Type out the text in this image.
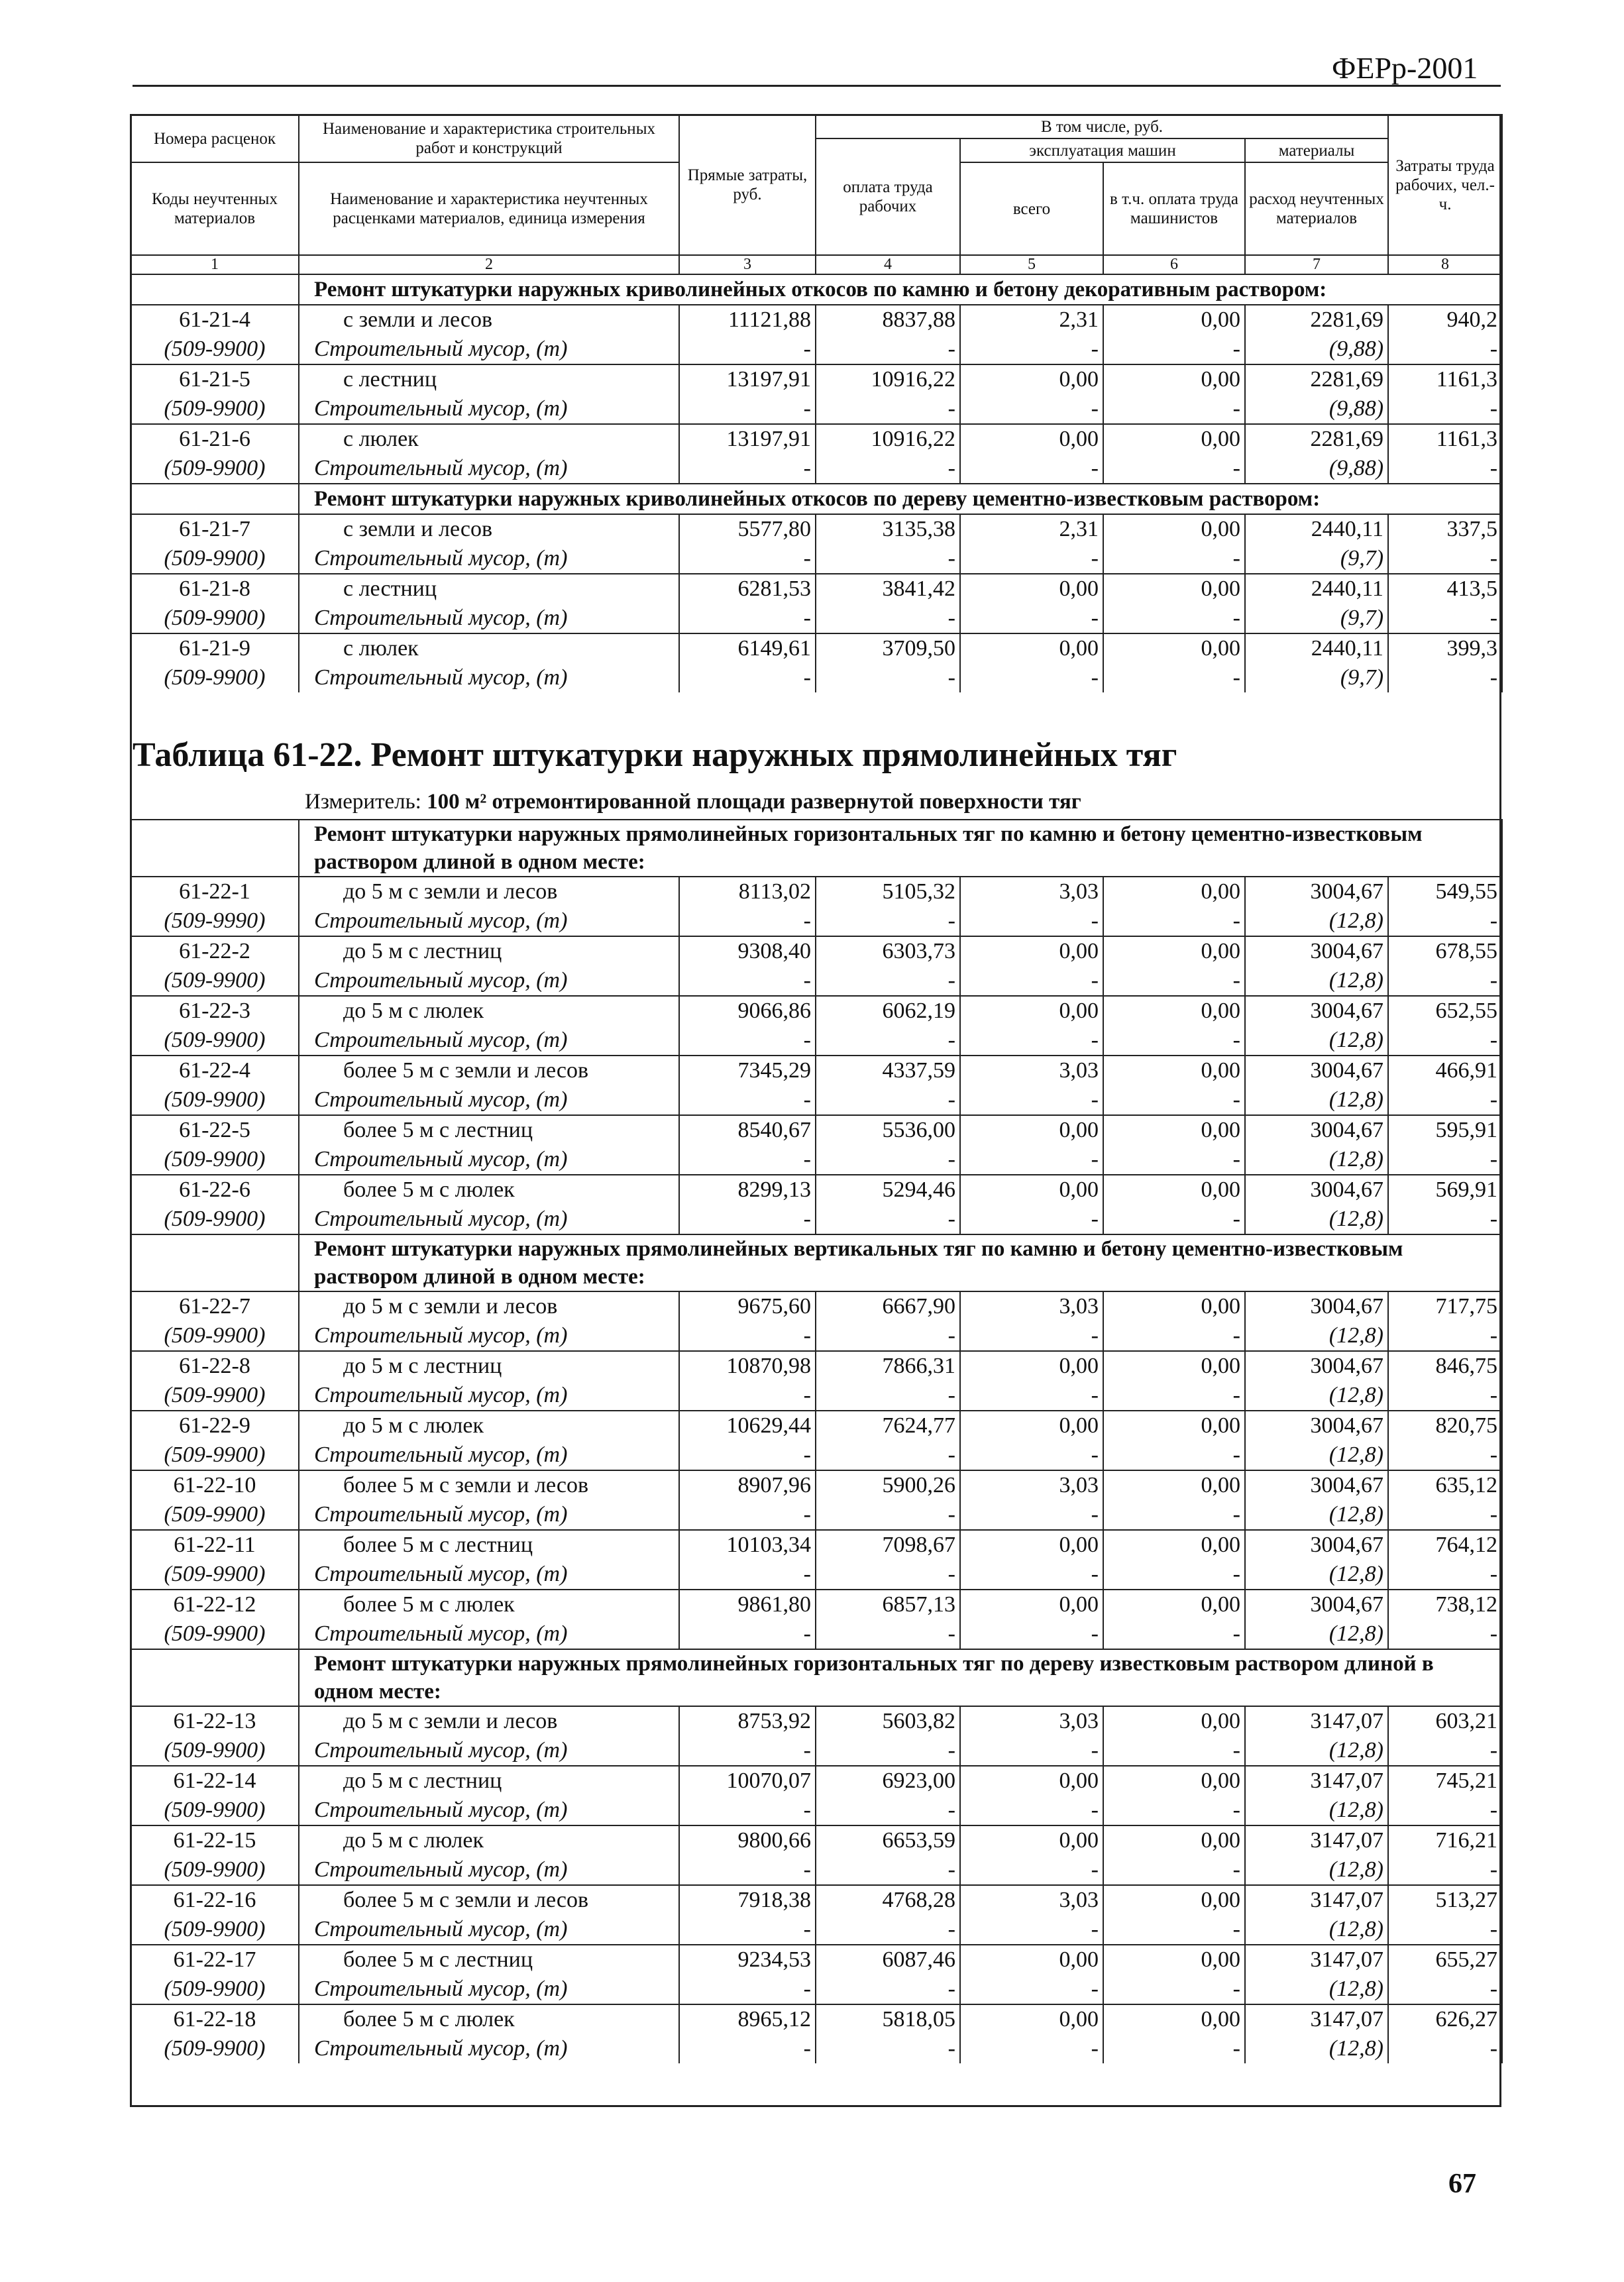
ФЕРр-2001
Номера расценок	Наименование и характеристика строительных работ и конструкций	Прямые затраты, руб.	В том числе, руб.				Затраты труда рабочих, чел.-ч.
			оплата труда рабочих	эксплуатация машин		материалы	
Коды неучтенных материалов	Наименование и характеристика неучтенных расценками материалов, единица измерения			всего	в т.ч. оплата труда машинистов	расход неучтенных материалов	

1	2	3	4	5	6	7	8
	Ремонт штукатурки наружных криволинейных откосов по камню и бетону декоративным раствором:						
61-21-4	с земли и лесов	11121,88	8837,88	2,31	0,00	2281,69	940,2
(509-9900)	Строительный мусор, (т)	-	-	-	-	(9,88)	-
61-21-5	с лестниц	13197,91	10916,22	0,00	0,00	2281,69	1161,3
(509-9900)	Строительный мусор, (т)	-	-	-	-	(9,88)	-
61-21-6	с люлек	13197,91	10916,22	0,00	0,00	2281,69	1161,3
(509-9900)	Строительный мусор, (т)	-	-	-	-	(9,88)	-
	Ремонт штукатурки наружных криволинейных откосов по дереву цементно-известковым раствором:						
61-21-7	с земли и лесов	5577,80	3135,38	2,31	0,00	2440,11	337,5
(509-9900)	Строительный мусор, (т)	-	-	-	-	(9,7)	-
61-21-8	с лестниц	6281,53	3841,42	0,00	0,00	2440,11	413,5
(509-9900)	Строительный мусор, (т)	-	-	-	-	(9,7)	-
61-21-9	с люлек	6149,61	3709,50	0,00	0,00	2440,11	399,3
(509-9900)	Строительный мусор, (т)	-	-	-	-	(9,7)	-
Таблица 61-22. Ремонт штукатурки наружных прямолинейных тяг
Измеритель: 100 м² отремонтированной площади развернутой поверхности тяг
	Ремонт штукатурки наружных прямолинейных горизонтальных тяг по камню и бетону цементно-известковым раствором длиной в одном месте:						
61-22-1	до 5 м с земли и лесов	8113,02	5105,32	3,03	0,00	3004,67	549,55
(509-9990)	Строительный мусор, (т)	-	-	-	-	(12,8)	-
61-22-2	до 5 м с лестниц	9308,40	6303,73	0,00	0,00	3004,67	678,55
(509-9900)	Строительный мусор, (т)	-	-	-	-	(12,8)	-
61-22-3	до 5 м с люлек	9066,86	6062,19	0,00	0,00	3004,67	652,55
(509-9900)	Строительный мусор, (т)	-	-	-	-	(12,8)	-
61-22-4	более 5 м с земли и лесов	7345,29	4337,59	3,03	0,00	3004,67	466,91
(509-9900)	Строительный мусор, (т)	-	-	-	-	(12,8)	-
61-22-5	более 5 м с лестниц	8540,67	5536,00	0,00	0,00	3004,67	595,91
(509-9900)	Строительный мусор, (т)	-	-	-	-	(12,8)	-
61-22-6	более 5 м с люлек	8299,13	5294,46	0,00	0,00	3004,67	569,91
(509-9900)	Строительный мусор, (т)	-	-	-	-	(12,8)	-
	Ремонт штукатурки наружных прямолинейных вертикальных тяг по камню и бетону цементно-известковым раствором длиной в одном месте:						
61-22-7	до 5 м с земли и лесов	9675,60	6667,90	3,03	0,00	3004,67	717,75
(509-9900)	Строительный мусор, (т)	-	-	-	-	(12,8)	-
61-22-8	до 5 м с лестниц	10870,98	7866,31	0,00	0,00	3004,67	846,75
(509-9900)	Строительный мусор, (т)	-	-	-	-	(12,8)	-
61-22-9	до 5 м с люлек	10629,44	7624,77	0,00	0,00	3004,67	820,75
(509-9900)	Строительный мусор, (т)	-	-	-	-	(12,8)	-
61-22-10	более 5 м с земли и лесов	8907,96	5900,26	3,03	0,00	3004,67	635,12
(509-9900)	Строительный мусор, (т)	-	-	-	-	(12,8)	-
61-22-11	более 5 м с лестниц	10103,34	7098,67	0,00	0,00	3004,67	764,12
(509-9900)	Строительный мусор, (т)	-	-	-	-	(12,8)	-
61-22-12	более 5 м с люлек	9861,80	6857,13	0,00	0,00	3004,67	738,12
(509-9900)	Строительный мусор, (т)	-	-	-	-	(12,8)	-
	Ремонт штукатурки наружных прямолинейных горизонтальных тяг по дереву известковым раствором длиной в одном месте:						
61-22-13	до 5 м с земли и лесов	8753,92	5603,82	3,03	0,00	3147,07	603,21
(509-9900)	Строительный мусор, (т)	-	-	-	-	(12,8)	-
61-22-14	до 5 м с лестниц	10070,07	6923,00	0,00	0,00	3147,07	745,21
(509-9900)	Строительный мусор, (т)	-	-	-	-	(12,8)	-
61-22-15	до 5 м с люлек	9800,66	6653,59	0,00	0,00	3147,07	716,21
(509-9900)	Строительный мусор, (т)	-	-	-	-	(12,8)	-
61-22-16	более 5 м с земли и лесов	7918,38	4768,28	3,03	0,00	3147,07	513,27
(509-9900)	Строительный мусор, (т)	-	-	-	-	(12,8)	-
61-22-17	более 5 м с лестниц	9234,53	6087,46	0,00	0,00	3147,07	655,27
(509-9900)	Строительный мусор, (т)	-	-	-	-	(12,8)	-
61-22-18	более 5 м с люлек	8965,12	5818,05	0,00	0,00	3147,07	626,27
(509-9900)	Строительный мусор, (т)	-	-	-	-	(12,8)	-
67
